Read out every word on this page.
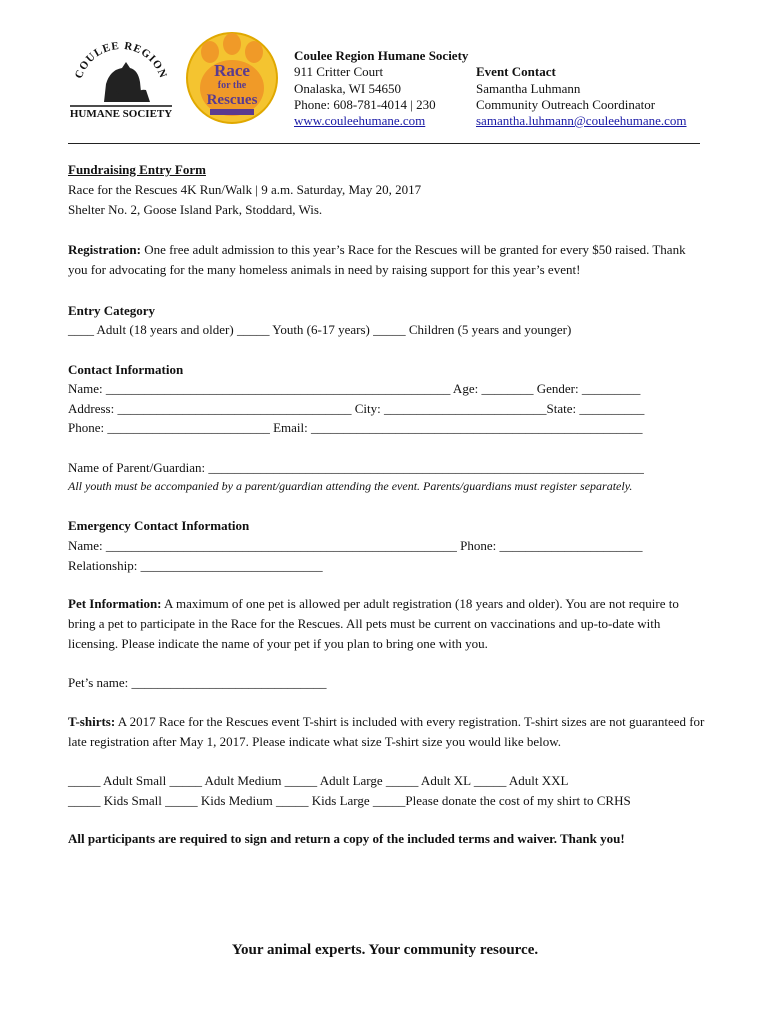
COULEE REGION
HUMANE SOCIETY
Race
for the
Rescues
Coulee Region Humane Society
911 Critter Court
Onalaska, WI 54650
Phone: 608-781-4014 | 230
www.couleehumane.com
Event Contact
Samantha Luhmann
Community Outreach Coordinator
samantha.luhmann@couleehumane.com
Fundraising Entry Form
Race for the Rescues 4K Run/Walk | 9 a.m. Saturday, May 20, 2017
Shelter No. 2, Goose Island Park, Stoddard, Wis.
Registration: One free adult admission to this year’s Race for the Rescues will be granted for every $50 raised. Thank you for advocating for the many homeless animals in need by raising support for this year’s event!
Entry Category
____ Adult (18 years and older) _____ Youth (6-17 years) _____ Children (5 years and younger)
Contact Information
Name: _____________________________________________________ Age: ________ Gender: _________
Address: ____________________________________ City: _________________________State: __________
Phone: _________________________ Email: ___________________________________________________
Name of Parent/Guardian: ___________________________________________________________________
All youth must be accompanied by a parent/guardian attending the event. Parents/guardians must register separately.
Emergency Contact Information
Name: ______________________________________________________ Phone: ______________________
Relationship: ____________________________
Pet Information: A maximum of one pet is allowed per adult registration (18 years and older). You are not require to bring a pet to participate in the Race for the Rescues. All pets must be current on vaccinations and up-to-date with licensing. Please indicate the name of your pet if you plan to bring one with you.
Pet’s name: ______________________________
T-shirts: A 2017 Race for the Rescues event T-shirt is included with every registration. T-shirt sizes are not guaranteed for late registration after May 1, 2017. Please indicate what size T-shirt size you would like below.
_____ Adult Small _____ Adult Medium _____ Adult Large _____ Adult XL _____ Adult XXL
_____ Kids Small _____ Kids Medium _____ Kids Large _____Please donate the cost of my shirt to CRHS
All participants are required to sign and return a copy of the included terms and waiver. Thank you!
Your animal experts. Your community resource.
